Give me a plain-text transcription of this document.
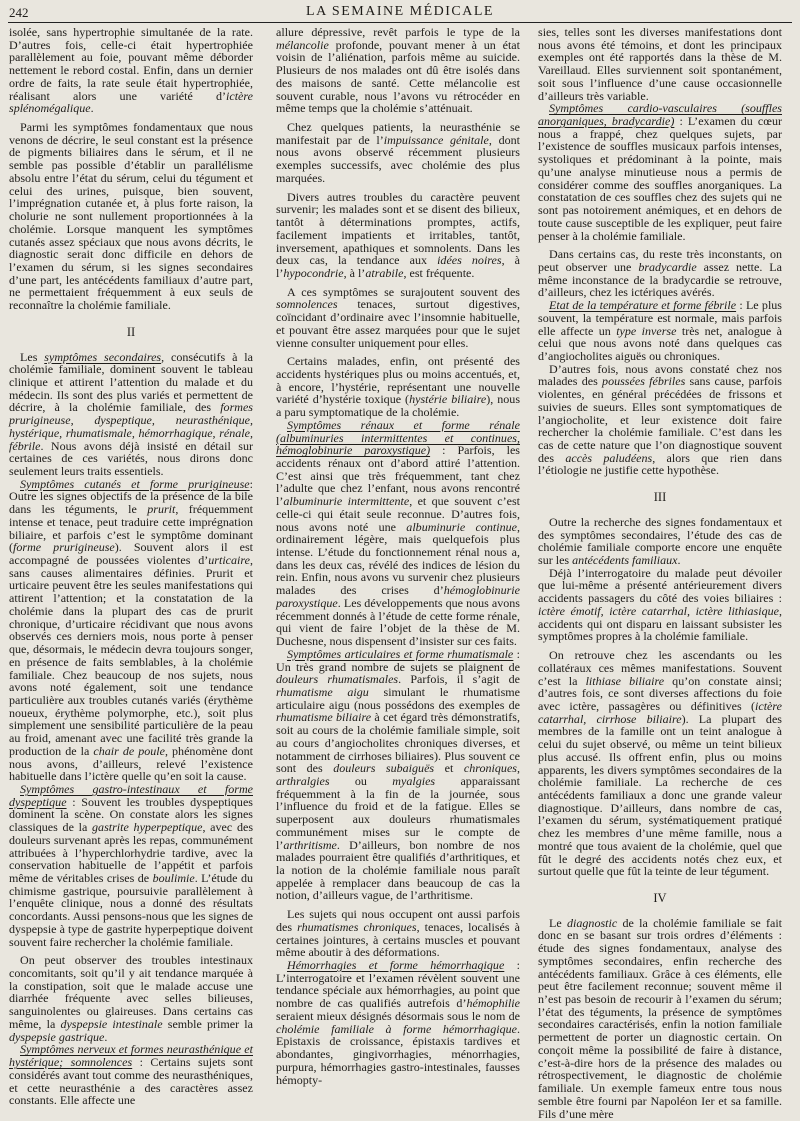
242	LA SEMAINE MÉDICALE

isolée, sans hypertrophie simultanée de la rate. D’autres fois, celle-ci était hypertrophiée parallèlement au foie, pouvant même déborder nettement le rebord costal. Enfin, dans un dernier ordre de faits, la rate seule était hypertrophiée, réalisant alors une variété d’ictère splénomégalique.

Parmi les symptômes fondamentaux que nous venons de décrire, le seul constant est la présence de pigments biliaires dans le sérum, et il ne semble pas possible d’établir un parallélisme absolu entre l’état du sérum, celui du tégument et celui des urines, puisque, bien souvent, l’imprégnation cutanée et, à plus forte raison, la cholurie ne sont nullement proportionnées à la cholémie. Lorsque manquent les symptômes cutanés assez spéciaux que nous avons décrits, le diagnostic serait donc difficile en dehors de l’examen du sérum, si les signes secondaires d’une part, les antécédents familiaux d’autre part, ne permettaient fréquemment à eux seuls de reconnaître la cholémie familiale.

II

Les symptômes secondaires, consécutifs à la cholémie familiale, dominent souvent le tableau clinique et attirent l’attention du malade et du médecin. Ils sont des plus variés et permettent de décrire, à la cholémie familiale, des formes prurigineuse, dyspeptique, neurasthénique, hystérique, rhumatismale, hémorrhagique, rénale, fébrile. Nous avons déjà insisté en détail sur certaines de ces variétés, nous dirons donc seulement leurs traits essentiels.

Symptômes cutanés et forme prurigineuse: Outre les signes objectifs de la présence de la bile dans les téguments, le prurit, fréquemment intense et tenace, peut traduire cette imprégnation biliaire, et parfois c’est le symptôme dominant (forme prurigineuse). Souvent alors il est accompagné de poussées violentes d’urticaire, sans causes alimentaires définies. Prurit et urticaire peuvent être les seules manifestations qui attirent l’attention; et la constatation de la cholémie dans la plupart des cas de prurit chronique, d’urticaire récidivant que nous avons observés ces derniers mois, nous porte à penser que, désormais, le médecin devra toujours songer, en présence de faits semblables, à la cholémie familiale. Chez beaucoup de nos sujets, nous avons noté également, soit une tendance particulière aux troubles cutanés variés (érythème noueux, érythème polymorphe, etc.), soit plus simplement une sensibilité particulière de la peau au froid, amenant avec une facilité très grande la production de la chair de poule, phénomène dont nous avons, d’ailleurs, relevé l’existence habituelle dans l’ictère quelle qu’en soit la cause.

Symptômes gastro-intestinaux et forme dyspeptique : Souvent les troubles dyspeptiques dominent la scène. On constate alors les signes classiques de la gastrite hyperpeptique, avec des douleurs survenant après les repas, communément attribuées à l’hyperchlorhydrie tardive, avec la conservation habituelle de l’appétit et parfois même de véritables crises de boulimie. L’étude du chimisme gastrique, poursuivie parallèlement à l’enquête clinique, nous a donné des résultats concordants. Aussi pensons-nous que les signes de dyspepsie à type de gastrite hyperpeptique doivent souvent faire rechercher la cholémie familiale.

On peut observer des troubles intestinaux concomitants, soit qu’il y ait tendance marquée à la constipation, soit que le malade accuse une diarrhée fréquente avec selles bilieuses, sanguinolentes ou glaireuses. Dans certains cas même, la dyspepsie intestinale semble primer la dyspepsie gastrique.

Symptômes nerveux et formes neurasthénique et hystérique; somnolences : Certains sujets sont considérés avant tout comme des neurasthéniques, et cette neurasthénie a des caractères assez constants. Elle affecte une

allure dépressive, revêt parfois le type de la mélancolie profonde, pouvant mener à un état voisin de l’aliénation, parfois même au suicide. Plusieurs de nos malades ont dû être isolés dans des maisons de santé. Cette mélancolie est souvent curable, nous l’avons vu rétrocéder en même temps que la cholémie s’atténuait.

Chez quelques patients, la neurasthénie se manifestait par de l’impuissance génitale, dont nous avons observé récemment plusieurs exemples successifs, avec cholémie des plus marquées.

Divers autres troubles du caractère peuvent survenir; les malades sont et se disent des bilieux, tantôt à déterminations promptes, actifs, facilement impatients et irritables, tantôt, inversement, apathiques et somnolents. Dans les deux cas, la tendance aux idées noires, à l’hypocondrie, à l’atrabile, est fréquente.

A ces symptômes se surajoutent souvent des somnolences tenaces, surtout digestives, coïncidant d’ordinaire avec l’insomnie habituelle, et pouvant être assez marquées pour que le sujet vienne consulter uniquement pour elles.

Certains malades, enfin, ont présenté des accidents hystériques plus ou moins accentués, et, à encore, l’hystérie, représentant une nouvelle variété d’hystérie toxique (hystérie biliaire), nous a paru symptomatique de la cholémie.

Symptômes rénaux et forme rénale (albuminuries intermittentes et continues, hémoglobinurie paroxystique) : Parfois, les accidents rénaux ont d’abord attiré l’attention. C’est ainsi que très fréquemment, tant chez l’adulte que chez l’enfant, nous avons rencontré l’albuminurie intermittente, et que souvent c’est celle-ci qui était seule reconnue. D’autres fois, nous avons noté une albuminurie continue, ordinairement légère, mais quelquefois plus intense. L’étude du fonctionnement rénal nous a, dans les deux cas, révélé des indices de lésion du rein. Enfin, nous avons vu survenir chez plusieurs malades des crises d’hémoglobinurie paroxystique. Les développements que nous avons récemment donnés à l’étude de cette forme rénale, qui vient de faire l’objet de la thèse de M. Duchesne, nous dispensent d’insister sur ces faits.

Symptômes articulaires et forme rhumatismale : Un très grand nombre de sujets se plaignent de douleurs rhumatismales. Parfois, il s’agit de rhumatisme aigu simulant le rhumatisme articulaire aigu (nous possédons des exemples de rhumatisme biliaire à cet égard très démonstratifs, soit au cours de la cholémie familiale simple, soit au cours d’angiocholites chroniques diverses, et notamment de cirrhoses biliaires). Plus souvent ce sont des douleurs subaiguës et chroniques, arthralgies ou myalgies apparaissant fréquemment à la fin de la journée, sous l’influence du froid et de la fatigue. Elles se superposent aux douleurs rhumatismales communément mises sur le compte de l’arthritisme. D’ailleurs, bon nombre de nos malades pourraient être qualifiés d’arthritiques, et la notion de la cholémie familiale nous paraît appelée à remplacer dans beaucoup de cas la notion, d’ailleurs vague, de l’arthritisme.

Les sujets qui nous occupent ont aussi parfois des rhumatismes chroniques, tenaces, localisés à certaines jointures, à certains muscles et pouvant même aboutir à des déformations.

Hémorrhagies et forme hémorrhagique : L’interrogatoire et l’examen révèlent souvent une tendance spéciale aux hémorrhagies, au point que nombre de cas qualifiés autrefois d’hémophilie seraient mieux désignés désormais sous le nom de cholémie familiale à forme hémorrhagique. Epistaxis de croissance, épistaxis tardives et abondantes, gingivorrhagies, ménorrhagies, purpura, hémorrhagies gastro-intestinales, fausses hémopty-

sies, telles sont les diverses manifestations dont nous avons été témoins, et dont les principaux exemples ont été rapportés dans la thèse de M. Vareillaud. Elles surviennent soit spontanément, soit sous l’influence d’une cause occasionnelle d’ailleurs très variable.

Symptômes cardio-vasculaires (souffles anorganiques, bradycardie) : L’examen du cœur nous a frappé, chez quelques sujets, par l’existence de souffles musicaux parfois intenses, systoliques et prédominant à la pointe, mais qu’une analyse minutieuse nous a permis de considérer comme des souffles anorganiques. La constatation de ces souffles chez des sujets qui ne sont pas notoirement anémiques, et en dehors de toute cause susceptible de les expliquer, peut faire penser à la cholémie familiale.

Dans certains cas, du reste très inconstants, on peut observer une bradycardie assez nette. La même inconstance de la bradycardie se retrouve, d’ailleurs, chez les ictériques avérés.

Etat de la température et forme fébrile : Le plus souvent, la température est normale, mais parfois elle affecte un type inverse très net, analogue à celui que nous avons noté dans quelques cas d’angiocholites aiguës ou chroniques.

D’autres fois, nous avons constaté chez nos malades des poussées fébriles sans cause, parfois violentes, en général précédées de frissons et suivies de sueurs. Elles sont symptomatiques de l’angiocholite, et leur existence doit faire rechercher la cholémie familiale. C’est dans les cas de cette nature que l’on diagnostique souvent des accès paludéens, alors que rien dans l’étiologie ne justifie cette hypothèse.

III

Outre la recherche des signes fondamentaux et des symptômes secondaires, l’étude des cas de cholémie familiale comporte encore une enquête sur les antécédents familiaux.

Déjà l’interrogatoire du malade peut dévoiler que lui-même a présenté antérieurement divers accidents passagers du côté des voies biliaires : ictère émotif, ictère catarrhal, ictère lithiasique, accidents qui ont disparu en laissant subsister les symptômes propres à la cholémie familiale.

On retrouve chez les ascendants ou les collatéraux ces mêmes manifestations. Souvent c’est la lithiase biliaire qu’on constate ainsi; d’autres fois, ce sont diverses affections du foie avec ictère, passagères ou définitives (ictère catarrhal, cirrhose biliaire). La plupart des membres de la famille ont un teint analogue à celui du sujet observé, ou même un teint bilieux plus accusé. Ils offrent enfin, plus ou moins apparents, les divers symptômes secondaires de la cholémie familiale. La recherche de ces antécédents familiaux a donc une grande valeur diagnostique. D’ailleurs, dans nombre de cas, l’examen du sérum, systématiquement pratiqué chez les membres d’une même famille, nous a montré que tous avaient de la cholémie, quel que fût le degré des accidents notés chez eux, et surtout quelle que fût la teinte de leur tégument.

IV

Le diagnostic de la cholémie familiale se fait donc en se basant sur trois ordres d’éléments : étude des signes fondamentaux, analyse des symptômes secondaires, enfin recherche des antécédents familiaux. Grâce à ces éléments, elle peut être facilement reconnue; souvent même il n’est pas besoin de recourir à l’examen du sérum; l’état des téguments, la présence de symptômes secondaires caractérisés, enfin la notion familiale permettent de porter un diagnostic certain. On conçoit même la possibilité de faire à distance, c’est-à-dire hors de la présence des malades ou rétrospectivement, le diagnostic de cholémie familiale. Un exemple fameux entre tous nous semble être fourni par Napoléon Ier et sa famille. Fils d’une mère
